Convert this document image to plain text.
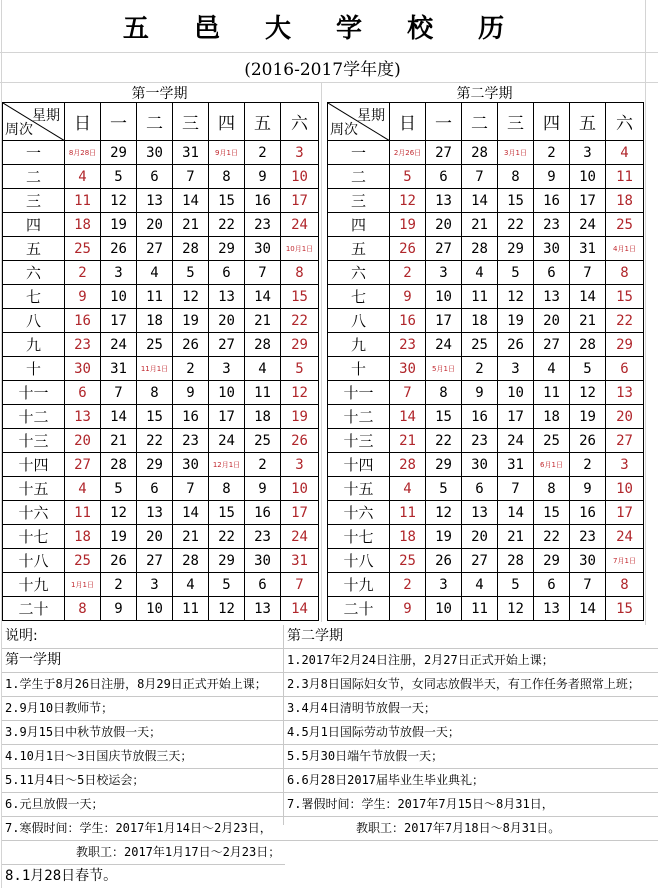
五 邑 大 学 校 历
(2016-2017学年度)
第一学期	第二学期
星期
周次	日	一	二	三	四	五	六
一	8月28日	29	30	31	9月1日	2	3
二	4	5	6	7	8	9	10
三	11	12	13	14	15	16	17
四	18	19	20	21	22	23	24
五	25	26	27	28	29	30	10月1日
六	2	3	4	5	6	7	8
七	9	10	11	12	13	14	15
八	16	17	18	19	20	21	22
九	23	24	25	26	27	28	29
十	30	31	11月1日	2	3	4	5
十一	6	7	8	9	10	11	12
十二	13	14	15	16	17	18	19
十三	20	21	22	23	24	25	26
十四	27	28	29	30	12月1日	2	3
十五	4	5	6	7	8	9	10
十六	11	12	13	14	15	16	17
十七	18	19	20	21	22	23	24
十八	25	26	27	28	29	30	31
十九	1月1日	2	3	4	5	6	7
二十	8	9	10	11	12	13	14
星期
周次	日	一	二	三	四	五	六
一	2月26日	27	28	3月1日	2	3	4
二	5	6	7	8	9	10	11
三	12	13	14	15	16	17	18
四	19	20	21	22	23	24	25
五	26	27	28	29	30	31	4月1日
六	2	3	4	5	6	7	8
七	9	10	11	12	13	14	15
八	16	17	18	19	20	21	22
九	23	24	25	26	27	28	29
十	30	5月1日	2	3	4	5	6
十一	7	8	9	10	11	12	13
十二	14	15	16	17	18	19	20
十三	21	22	23	24	25	26	27
十四	28	29	30	31	6月1日	2	3
十五	4	5	6	7	8	9	10
十六	11	12	13	14	15	16	17
十七	18	19	20	21	22	23	24
十八	25	26	27	28	29	30	7月1日
十九	2	3	4	5	6	7	8
二十	9	10	11	12	13	14	15
说明:
第一学期
1.学生于8月26日注册，8月29日正式开始上课；
2.9月10日教师节；
3.9月15日中秋节放假一天；
4.10月1日～3日国庆节放假三天；
5.11月4日～5日校运会；
6.元旦放假一天；
7.寒假时间：学生：2017年1月14日～2月23日，
教职工：2017年1月17日～2月23日；
8.1月28日春节。
第二学期
1.2017年2月24日注册，2月27日正式开始上课；
2.3月8日国际妇女节，女同志放假半天，有工作任务者照常上班；
3.4月4日清明节放假一天；
4.5月1日国际劳动节放假一天；
5.5月30日端午节放假一天；
6.6月28日2017届毕业生毕业典礼；
7.署假时间：学生：2017年7月15日～8月31日，
教职工：2017年7月18日～8月31日。
